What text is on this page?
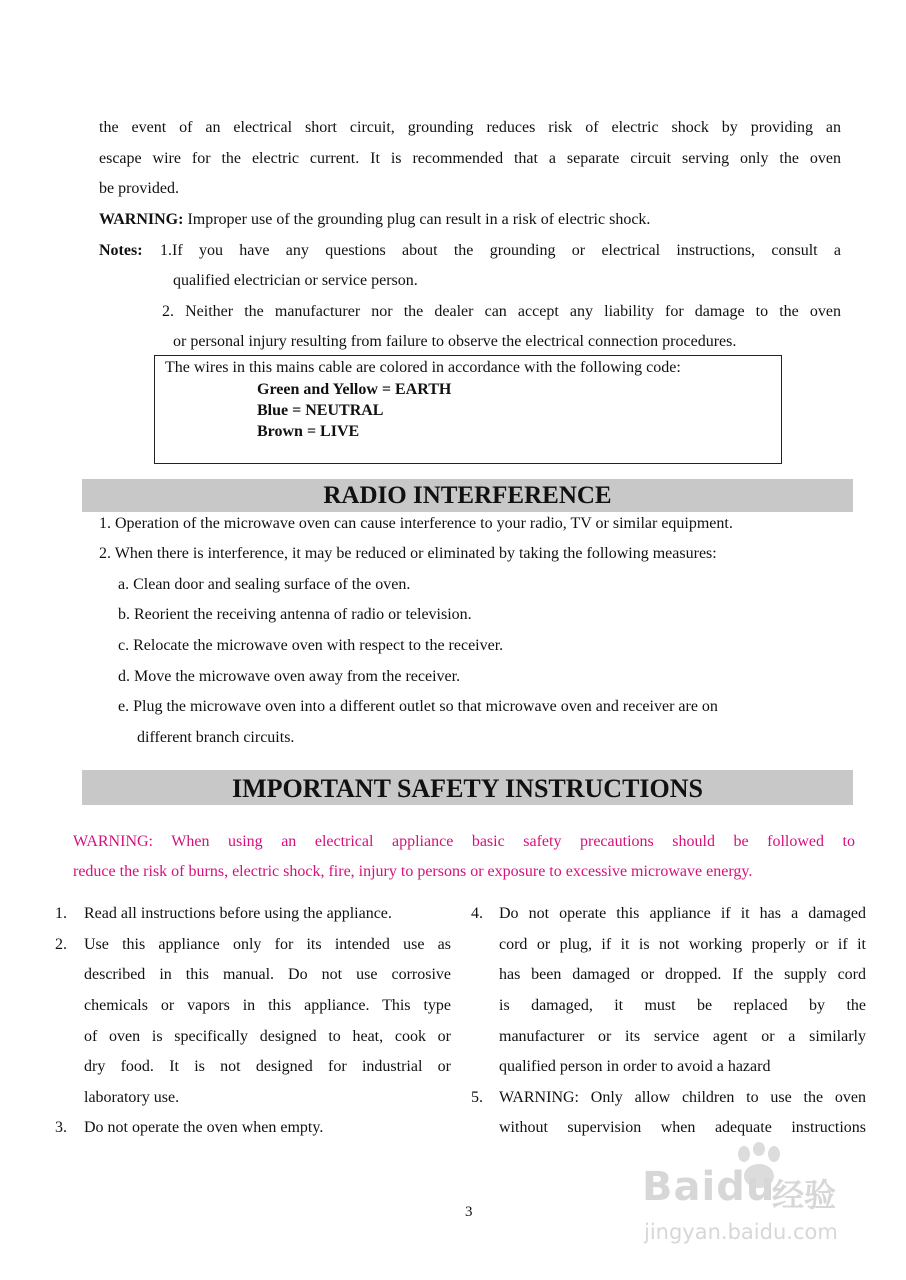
the event of an electrical short circuit, grounding reduces risk of electric shock by providing an
escape wire for the electric current. It is recommended that a separate circuit serving only the oven
be provided.
WARNING: Improper use of the grounding plug can result in a risk of electric shock.
Notes: 1.If you have any questions about the grounding or electrical instructions, consult a
qualified electrician or service person.
2. Neither the manufacturer nor the dealer can accept any liability for damage to the oven
or personal injury resulting from failure to observe the electrical connection procedures.
The wires in this mains cable are colored in accordance with the following code:
Green and Yellow = EARTH
Blue = NEUTRAL
Brown = LIVE
RADIO INTERFERENCE
1. Operation of the microwave oven can cause interference to your radio, TV or similar equipment.
2. When there is interference, it may be reduced or eliminated by taking the following measures:
a. Clean door and sealing surface of the oven.
b. Reorient the receiving antenna of radio or television.
c. Relocate the microwave oven with respect to the receiver.
d. Move the microwave oven away from the receiver.
e. Plug the microwave oven into a different outlet so that microwave oven and receiver are on
different branch circuits.
IMPORTANT SAFETY INSTRUCTIONS
WARNING: When using an electrical appliance basic safety precautions should be followed to
reduce the risk of burns, electric shock, fire, injury to persons or exposure to excessive microwave energy.
1. Read all instructions before using the appliance.
2. Use this appliance only for its intended use as
described in this manual. Do not use corrosive
chemicals or vapors in this appliance. This type
of oven is specifically designed to heat, cook or
dry food. It is not designed for industrial or
laboratory use.
3. Do not operate the oven when empty.
4. Do not operate this appliance if it has a damaged
cord or plug, if it is not working properly or if it
has been damaged or dropped. If the supply cord
is damaged, it must be replaced by the
manufacturer or its service agent or a similarly
qualified person in order to avoid a hazard
5. WARNING: Only allow children to use the oven
without supervision when adequate instructions
3
Baidu
经验
jingyan.baidu.com
